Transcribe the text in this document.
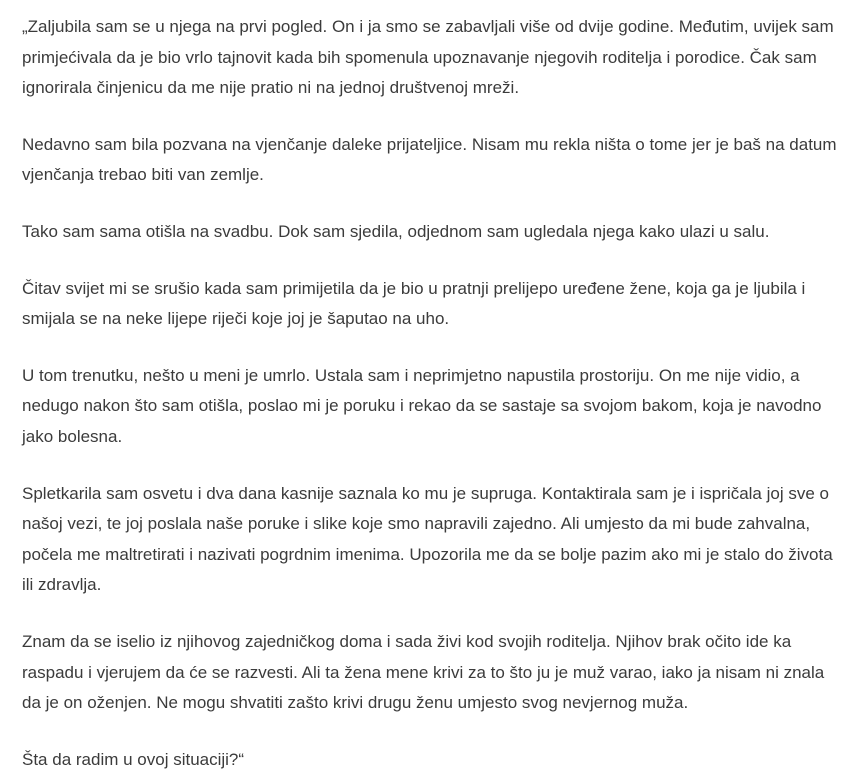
„Zaljubila sam se u njega na prvi pogled. On i ja smo se zabavljali više od dvije godine. Međutim, uvijek sam primjećivala da je bio vrlo tajnovit kada bih spomenula upoznavanje njegovih roditelja i porodice. Čak sam ignorirala činjenicu da me nije pratio ni na jednoj društvenoj mreži.

Nedavno sam bila pozvana na vjenčanje daleke prijateljice. Nisam mu rekla ništa o tome jer je baš na datum vjenčanja trebao biti van zemlje.

Tako sam sama otišla na svadbu. Dok sam sjedila, odjednom sam ugledala njega kako ulazi u salu.

Čitav svijet mi se srušio kada sam primijetila da je bio u pratnji prelijepo uređene žene, koja ga je ljubila i smijala se na neke lijepe riječi koje joj je šaputao na uho.

U tom trenutku, nešto u meni je umrlo. Ustala sam i neprimjetno napustila prostoriju. On me nije vidio, a nedugo nakon što sam otišla, poslao mi je poruku i rekao da se sastaje sa svojom bakom, koja je navodno jako bolesna.

Spletkarila sam osvetu i dva dana kasnije saznala ko mu je supruga. Kontaktirala sam je i ispričala joj sve o našoj vezi, te joj poslala naše poruke i slike koje smo napravili zajedno. Ali umjesto da mi bude zahvalna, počela me maltretirati i nazivati pogrdnim imenima. Upozorila me da se bolje pazim ako mi je stalo do života ili zdravlja.

Znam da se iselio iz njihovog zajedničkog doma i sada živi kod svojih roditelja. Njihov brak očito ide ka raspadu i vjerujem da će se razvesti. Ali ta žena mene krivi za to što ju je muž varao, iako ja nisam ni znala da je on oženjen. Ne mogu shvatiti zašto krivi drugu ženu umjesto svog nevjernog muža.

Šta da radim u ovoj situaciji?“
